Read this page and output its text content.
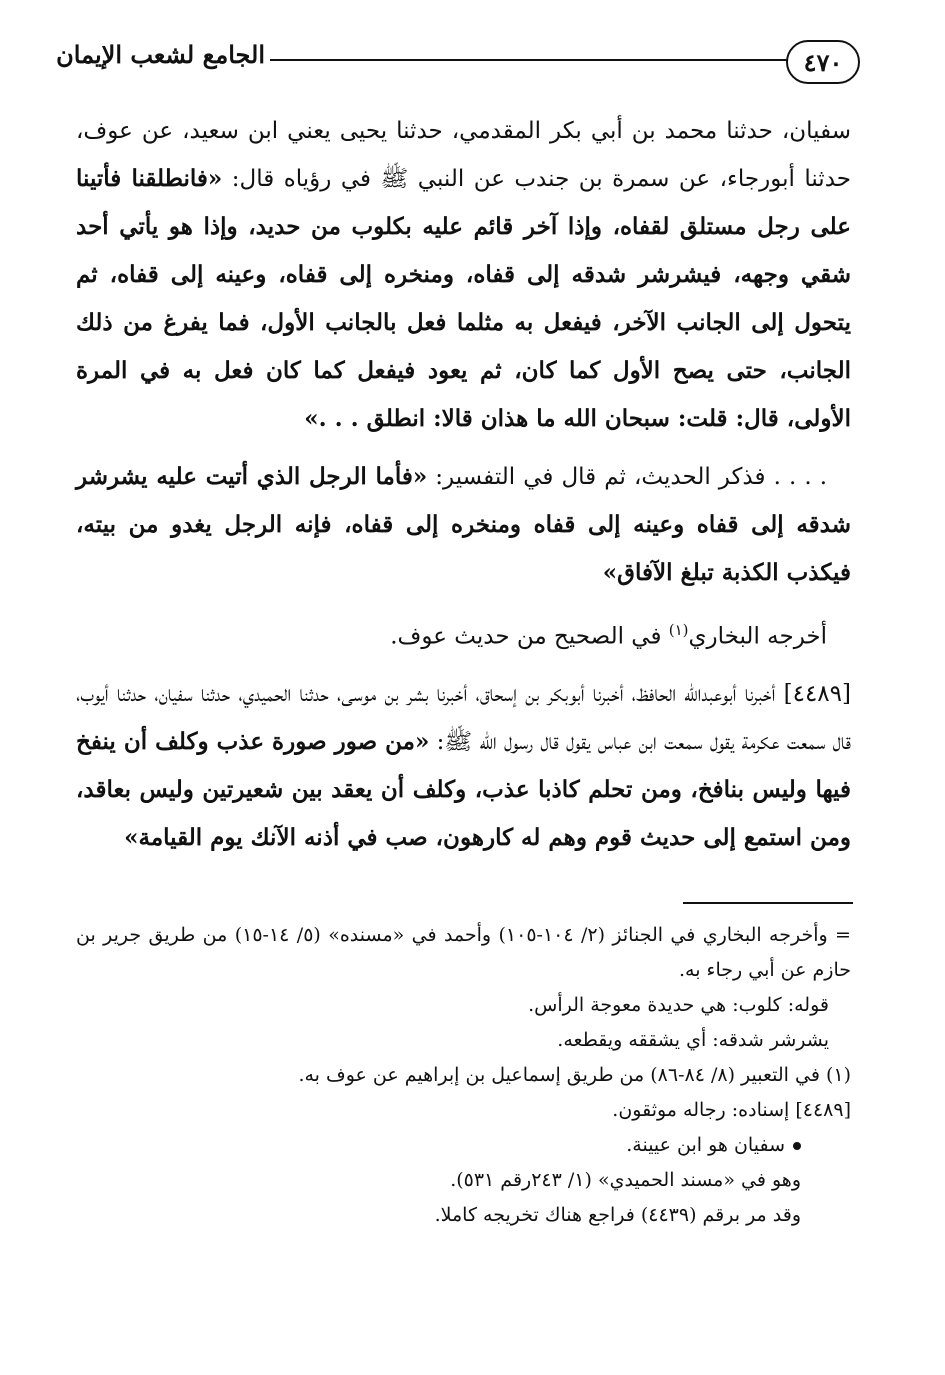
٤٧٠
الجامع لشعب الإيمان

سفيان، حدثنا محمد بن أبي بكر المقدمي، حدثنا يحيى يعني ابن سعيد، عن عوف، حدثنا أبورجاء، عن سمرة بن جندب عن النبي ﷺ في رؤياه قال: «فانطلقنا فأتينا على رجل مستلق لقفاه، وإذا آخر قائم عليه بكلوب من حديد، وإذا هو يأتي أحد شقي وجهه، فيشرشر شدقه إلى قفاه، ومنخره إلى قفاه، وعينه إلى قفاه، ثم يتحول إلى الجانب الآخر، فيفعل به مثلما فعل بالجانب الأول، فما يفرغ من ذلك الجانب، حتى يصح الأول كما كان، ثم يعود فيفعل كما كان فعل به في المرة الأولى، قال: قلت: سبحان الله ما هذان قالا: انطلق . . .»

. . . . فذكر الحديث، ثم قال في التفسير: «فأما الرجل الذي أتيت عليه يشرشر شدقه إلى قفاه وعينه إلى قفاه ومنخره إلى قفاه، فإنه الرجل يغدو من بيته، فيكذب الكذبة تبلغ الآفاق»

أخرجه البخاري$^{(١)}$ في الصحيح من حديث عوف.

[٤٤٨٩] أخبرنا أبوعبدالله الحافظ، أخبرنا أبوبكر بن إسحاق، أخبرنا بشر بن موسى، حدثنا الحميدي، حدثنا سفيان، حدثنا أيوب، قال سمعت عكرمة يقول سمعت ابن عباس يقول قال رسول الله ﷺ: «من صور صورة عذب وكلف أن ينفخ فيها وليس بنافخ، ومن تحلم كاذبا عذب، وكلف أن يعقد بين شعيرتين وليس بعاقد، ومن استمع إلى حديث قوم وهم له كارهون، صب في أذنه الآنك يوم القيامة»

= وأخرجه البخاري في الجنائز (٢/ ١٠٤-١٠٥) وأحمد في «مسنده» (٥/ ١٤-١٥) من طريق جرير بن حازم عن أبي رجاء به.

قوله: كلوب: هي حديدة معوجة الرأس.

يشرشر شدقه: أي يشققه ويقطعه.

(١) في التعبير (٨/ ٨٤-٨٦) من طريق إسماعيل بن إبراهيم عن عوف به.

[٤٤٨٩] إسناده: رجاله موثقون.

سفيان هو ابن عيينة.

وهو في «مسند الحميدي» (١/ ٢٤٣رقم ٥٣١).

وقد مر برقم (٤٤٣٩) فراجع هناك تخريجه كاملا.
